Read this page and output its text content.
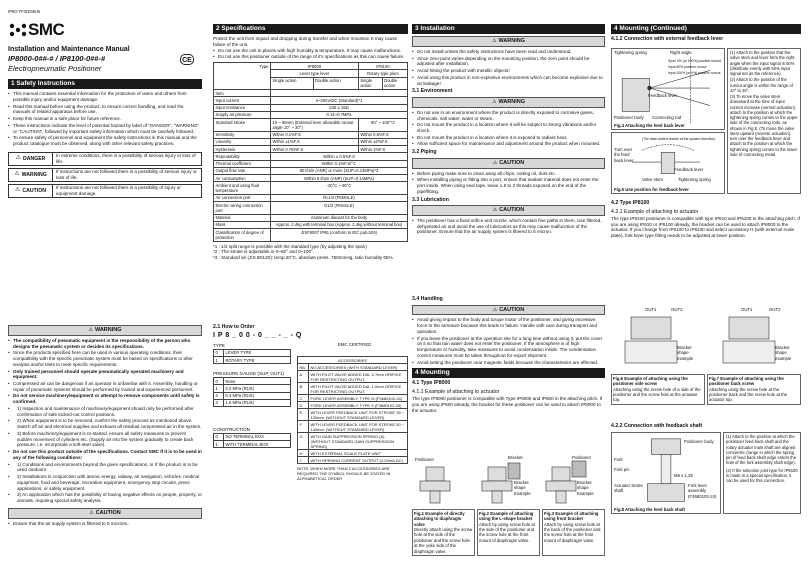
IP60-TFI03GB-B
SMC
Installation and Maintenance Manual
IP8000-0##-# / IP8100-0##-#
Electropneumatic Positioner
CE
1 Safety Instructions
• This manual contains essential information for the protection of users and others from possible injury and/or equipment damage.
• Read this manual before using the product, to ensure correct handling, and read the manuals of related apparatus before use.
• Keep this manual in a safe place for future reference.
• These instructions indicate the level of potential hazard by label of "DANGER", "WARNING" or "CAUTION", followed by important safety information which must be carefully followed.
• To ensure safety of personnel and equipment the safety instructions in this manual and the product catalogue must be observed, along with other relevant safety practices.
⚠ DANGER	In extreme conditions, there is a possibility of serious injury or loss of life.
⚠ WARNING	If instructions are not followed there is a possibility of serious injury or loss of life.
⚠ CAUTION	If instructions are not followed there is a possibility of injury or equipment damage.
⚠ WARNING
• The compatibility of pneumatic equipment is the responsibility of the person who designs the pneumatic system or decides its specifications.
• Since the products specified here can be used in various operating conditions, their compatibility with the specific pneumatic system must be based on specifications or after analysis and/or tests to meet specific requirements.
• Only trained personnel should operate pneumatically operated machinery and equipment.
• Compressed air can be dangerous if an operator is unfamiliar with it. Assembly, handling or repair of pneumatic systems should be performed by trained and experienced personnel.
• Do not service machinery/equipment or attempt to remove components until safety is confirmed.
• 1) Inspection and maintenance of machinery/equipment should only be performed after confirmation of safe locked-out control positions.
• 2) When equipment is to be removed, confirm the safety process as mentioned above. Switch off air and electrical supplies and exhaust all residual compressed air in the system.
• 3) Before machinery/equipment is re-started, ensure all safety measures to prevent sudden movement of cylinders etc. (Supply air into the system gradually to create back pressure, i.e. incorporate a soft-start valve).
• Do not use this product outside of the specifications. Contact SMC if it is to be used in any of the following conditions:
• 1) Conditions and environments beyond the given specifications, or if the product is to be used outdoors.
• 2) Installations in conjunction with atomic energy, railway, air navigation, vehicles, medical equipment, food and beverage, recreation equipment, emergency stop circuits, press applications, or safety equipment.
• 3) An application which has the possibility of having negative effects on people, property, or animals, requiring special safety analysis.
⚠ CAUTION
• Ensure that the air supply system is filtered to 5 microns..
2 Specifications
Protect the unit from impact and dropping during transfer and when mounted. It may cause failure of the unit.
• Do not use the unit in places with high humidity & temperature. It may cause malfunctions.
• Do not use this positioner outside of the range of it's specifications as this can cause failure.
Type	IP8000		IP8100	
	Lever type lever		Rotary type plum	
	Single action	Double action	Single action	Double action
Item				
Input current	4~20mADC (Standard)*1			
Input resistance	235 ± 15Ω			
Supply air pressure	0.14~0.7MPa			
Standard stroke	10 ~ 85mm (External lever allowable runout angle 10° ~ 30°)		60° ~ 100°*2	
Sensitivity	Within 0.1%F.S		Within 0.5%F.S	
Linearity	Within ±1%F.S		Within ±2%F.S	
Hysteresis	Within 0.75%F.S		Within 1%F.S	
Repeatability	Within ± 0.5%F.S			
Thermal coefficient	Within 0.1%F.S/°C			
Output flow rate	80 l/min (ANR) or more (SUP=0.14MPa)*3			
Air consumption	Within 5 l/min (ANR) (SUP=0.14MPa)			
Ambient and using fluid temperature	-20°C ~ 80°C			
Air connection port	Rc1/4 (FEMALE)			
Electric wiring connection port	G1/2 (FEMALE)			
Material	Aluminum diecast for the body			
Mass	Approx. 2.4kg with terminal box (Approx. 2.4kg without terminal box)			
Classification of degree of protection	JISF8007 IP65 (conform to IEC pub.529)			
*1 : 1/2 split range is possible with the standard type (by adjusting the span)
*2 : The stroke is adjustable in 0~60° and 0~100°.
*3 : Standard air (JIS B0120): temp.20°C, absolute press. 760mmHg, ratio humidity 65%.
2.1 How to Order
I P 8 _ 0 0 - 0 _ _ - _ - Q
EMC CERTIFIED
TYPE
0	LEVER TYPE
1	ROTARY TYPE
PRESSURE GAUGE (SUP, OUT1)
0	None
1	0.2 MPa (R1/8)
2	0.3 MPa (R1/8)
3	1.0 MPa (R1/8)
CONSTRUCTION
0	NO TERMINAL BOX
1	WITH TERMINAL BOX
ACCESSORIES	
NIL	NO ACCESSORIES (WITH STANDARD LEVER)
A	WITH PILOT VALVE ADDED DIA. 0.7mm ORIFICE FOR RESTRICTING OUTPUT.
B	WITH PILOT VALVE ADDED DIA. 1.0mm ORIFICE FOR RESTRICTING OUTPUT.
C	FORK LEVER ASSEMBLY, TYPE M (F3680102-24)
D	FORK LEVER ASSEMBLY, TYPE S (F3680102-25)
E	WITH LEVER FEEDBACK UNIT FOR STROKE 35 ~ 100mm. (WITHOUT STANDARD LEVER)
F	WITH LEVER FEEDBACK UNIT FOR STROKE 50 ~ 140mm. (WITHOUT STANDARD LEVER)
G	WITH GAIN SUPPRESSION SPRING (A) (WITHOUT STANDARD GAIN SUPPRESSION SPRING)
H	WITH EXTERNAL SCALE PLATE UNIT
J	WITH OPENING CURRENT OUTPUT (4-20mA DC)
NOTE: WHEN MORE THAN 2 ACCESSORIES ARE REQUIRED THE SYMBOL SHOULD BE STATED IN ALPHABETICAL ORDER
3 Installation
⚠ WARNING
• Do not install unless the safety instructions have been read and understood.
• Since zero-point varies depending on the mounting position, the zero point should be adjusted after installation.
• Avoid hitting the product with metallic objects!
• Avoid using this product in non-explosive environments which can become explosive due to air leakage!
3.1 Environment
⚠ WARNING
• Do not use in an environment where the product is directly exposed to corrosive gases, chemicals, salt water, water or steam.
• Do not mount the product in a location where it will be subject to strong vibrations and/or shock.
• Do not mount the product in a location where it is exposed to radiant heat.
• Allow sufficient space for maintenance and adjustment around the product when mounted.
3.2 Piping
⚠ CAUTION
• Before piping make sure to clean away all chips, cutting oil, dust etc.
• When installing piping or fitting into a port, ensure that sealant material does not enter the port inside. When using seal tape, leave 1.5 to 2 threads exposed on the end of the pipe/fitting.
3.3 Lubrication
⚠ CAUTION
• The positioner has a fixed orifice and nozzle, which contain fine paths in them. Use filtered, dehydrated air and avoid the use of lubricators as this may cause malfunction of the positioner. Ensure that the air supply system is filtered to 5 micron.
3.4 Handling
⚠ CAUTION
• Avoid giving impact to the body and torque motor of the positioner, and giving excessive force to the armature because this leads to failure. Handle with care during transport and operation.
• If you leave the positioner at the operation site for a long time without using it, put the cover on it so that rain water does not enter the positioner. If the atmosphere is of high temperature or humidity, take measures to avoid condensation inside. The condensation control measures must be taken throughout for export shipment.
• Avoid setting the positioner near magnetic fields because the characteristics are effected.
4 Mounting
4.1 Type IP8000
4.1.1 Example of attaching to actuator
The type IP8000 positioner is compatible with Type IP6000 and IP600 in the attaching pitch. If you are using IP600 already, the bracket for these positioner can be used to attach IP8000 to the actuator.
Positioner	Bracket
Bracket shape Example
Positioner
Bracket shape Example
Fig.1 Example of directly attaching to diaphragm valve
Directly attach using the screw hole at the side of the positioner and the screw hole at the yoke side of the diaphragm valve.
Fig.2 Example of attaching using the L-shape bracket
Attach by using screw hole at the side of the positioner and the screw hole at the front mount of diaphragm valve.
Fig.3 Example of attaching using front bracket
Attach by using screw hole at the back of the positioner and the screw hole at the front mount of diaphragm valve.
4 Mounting (Continued)
4.1.2 Connection with external feedback lever
Tightening spring	Right angle
Span 0% (or 100%) position runout
Input 50% position runout
Input 100% (or 0%) position runout
Feedback lever
Positioner body Connecting rod
Fig.4 Attaching the feed back lever
Turn over the feed back lever
(The dash-dotted double at the upward direction)
Feedback lever
Valve stem	Tightening spring
Fig.5 Use position for feedback lever
(1) Attach to the position that the valve stem and lever form the right angle when the input signal is 50% (distribute evenly with 50% input signal set as the reference).
(2) Attach to the position of the runout angle is within the range of 10° to 30°.
(3) To move the valve stem downward at the time of input current increase (normal actuation), attach to the position at which the tightening spring comes to the upper side of the connecting rods, as shown in Fig.5. (To move the valve stem upward (reverse actuation), turn over the feedback lever and attach to the position at which the tightening spring comes to the lower side of connecting metal.
4.2 Type IP8100
4.2.1 Example of attaching to actuator
The type IP8100 positioner is compatible with type IP610 and IP6100 in the attaching pitch. If you are using IP610 or IP6100 already, the bracket can be used to attach IP8000 to the actuator. If you change from IP6100 to IP8100 and select accessory H (with external scale plate), fork lever type fitting needs to be adjusted at lower position.
OUT1	OUT2
Bracket shape example
OUT1	OUT2
Bracket shape example
Fig.6 Example of attaching using the positioner side screw
Attaching using the screw hole of a side of the positioner and the screw hole at the actuator top.
Fig.7 Example of attaching using the positioner back screw
Attaching using the screw hole at the positioner back and the screw hole at the actuator top.
4.2.2 Connection with feedback shaft
Positioner body
Fork
Fork pin
M6 x 1.25
Actuator stroke shaft
Fork lever assembly (F3680102-24)
Fig.8 Attaching the feed back shaft
(1) Attach to the position at which the positioner feed back shaft and the rotary actuator main shaft are aligned concentric (range in which the spring pin of feed back shaft edge enters the hole of the fork assembly shaft edge).
(2) If the selection joint type for IP8100 is made in a special specification, it can be used for this connection.
